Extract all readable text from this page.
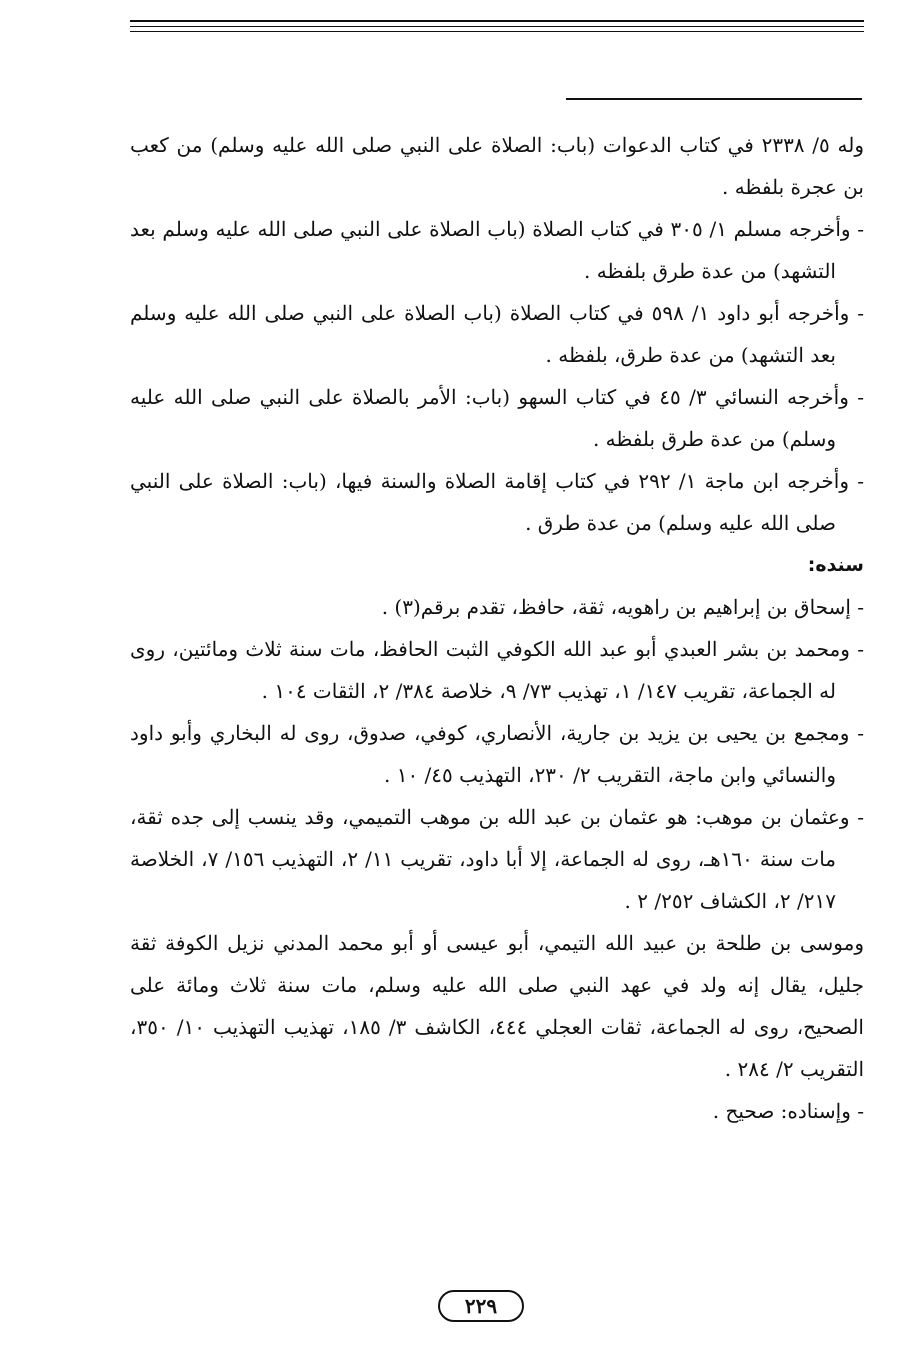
وله ٥/ ٢٣٣٨ في كتاب الدعوات (باب: الصلاة على النبي صلى الله عليه وسلم) من كعب بن عجرة بلفظه .

- وأخرجه مسلم ١/ ٣٠٥ في كتاب الصلاة (باب الصلاة على النبي صلى الله عليه وسلم بعد التشهد) من عدة طرق بلفظه .

- وأخرجه أبو داود ١/ ٥٩٨ في كتاب الصلاة (باب الصلاة على النبي صلى الله عليه وسلم بعد التشهد) من عدة طرق، بلفظه .

- وأخرجه النسائي ٣/ ٤٥ في كتاب السهو (باب: الأمر بالصلاة على النبي صلى الله عليه وسلم) من عدة طرق بلفظه .

- وأخرجه ابن ماجة ١/ ٢٩٢ في كتاب إقامة الصلاة والسنة فيها، (باب: الصلاة على النبي صلى الله عليه وسلم) من عدة طرق .

سنده:

- إسحاق بن إبراهيم بن راهويه، ثقة، حافظ، تقدم برقم(٣) .

- ومحمد بن بشر العبدي أبو عبد الله الكوفي الثبت الحافظ، مات سنة ثلاث ومائتين، روى له الجماعة، تقريب ١٤٧/ ١، تهذيب ٧٣/ ٩، خلاصة ٣٨٤/ ٢، الثقات ١٠٤ .

- ومجمع بن يحيى بن يزيد بن جارية، الأنصاري، كوفي، صدوق، روى له البخاري وأبو داود والنسائي وابن ماجة، التقريب ٢/ ٢٣٠، التهذيب ٤٥/ ١٠ .

- وعثمان بن موهب: هو عثمان بن عبد الله بن موهب التميمي، وقد ينسب إلى جده ثقة، مات سنة ١٦٠هـ، روى له الجماعة، إلا أبا داود، تقريب ١١/ ٢، التهذيب ١٥٦/ ٧، الخلاصة ٢١٧/ ٢، الكشاف ٢٥٢/ ٢ .

وموسى بن طلحة بن عبيد الله التيمي، أبو عيسى أو أبو محمد المدني نزيل الكوفة ثقة جليل، يقال إنه ولد في عهد النبي صلى الله عليه وسلم، مات سنة ثلاث ومائة على الصحيح، روى له الجماعة، ثقات العجلي ٤٤٤، الكاشف ٣/ ١٨٥، تهذيب التهذيب ١٠/ ٣٥٠، التقريب ٢/ ٢٨٤ .

- وإسناده: صحيح .

٢٢٩
